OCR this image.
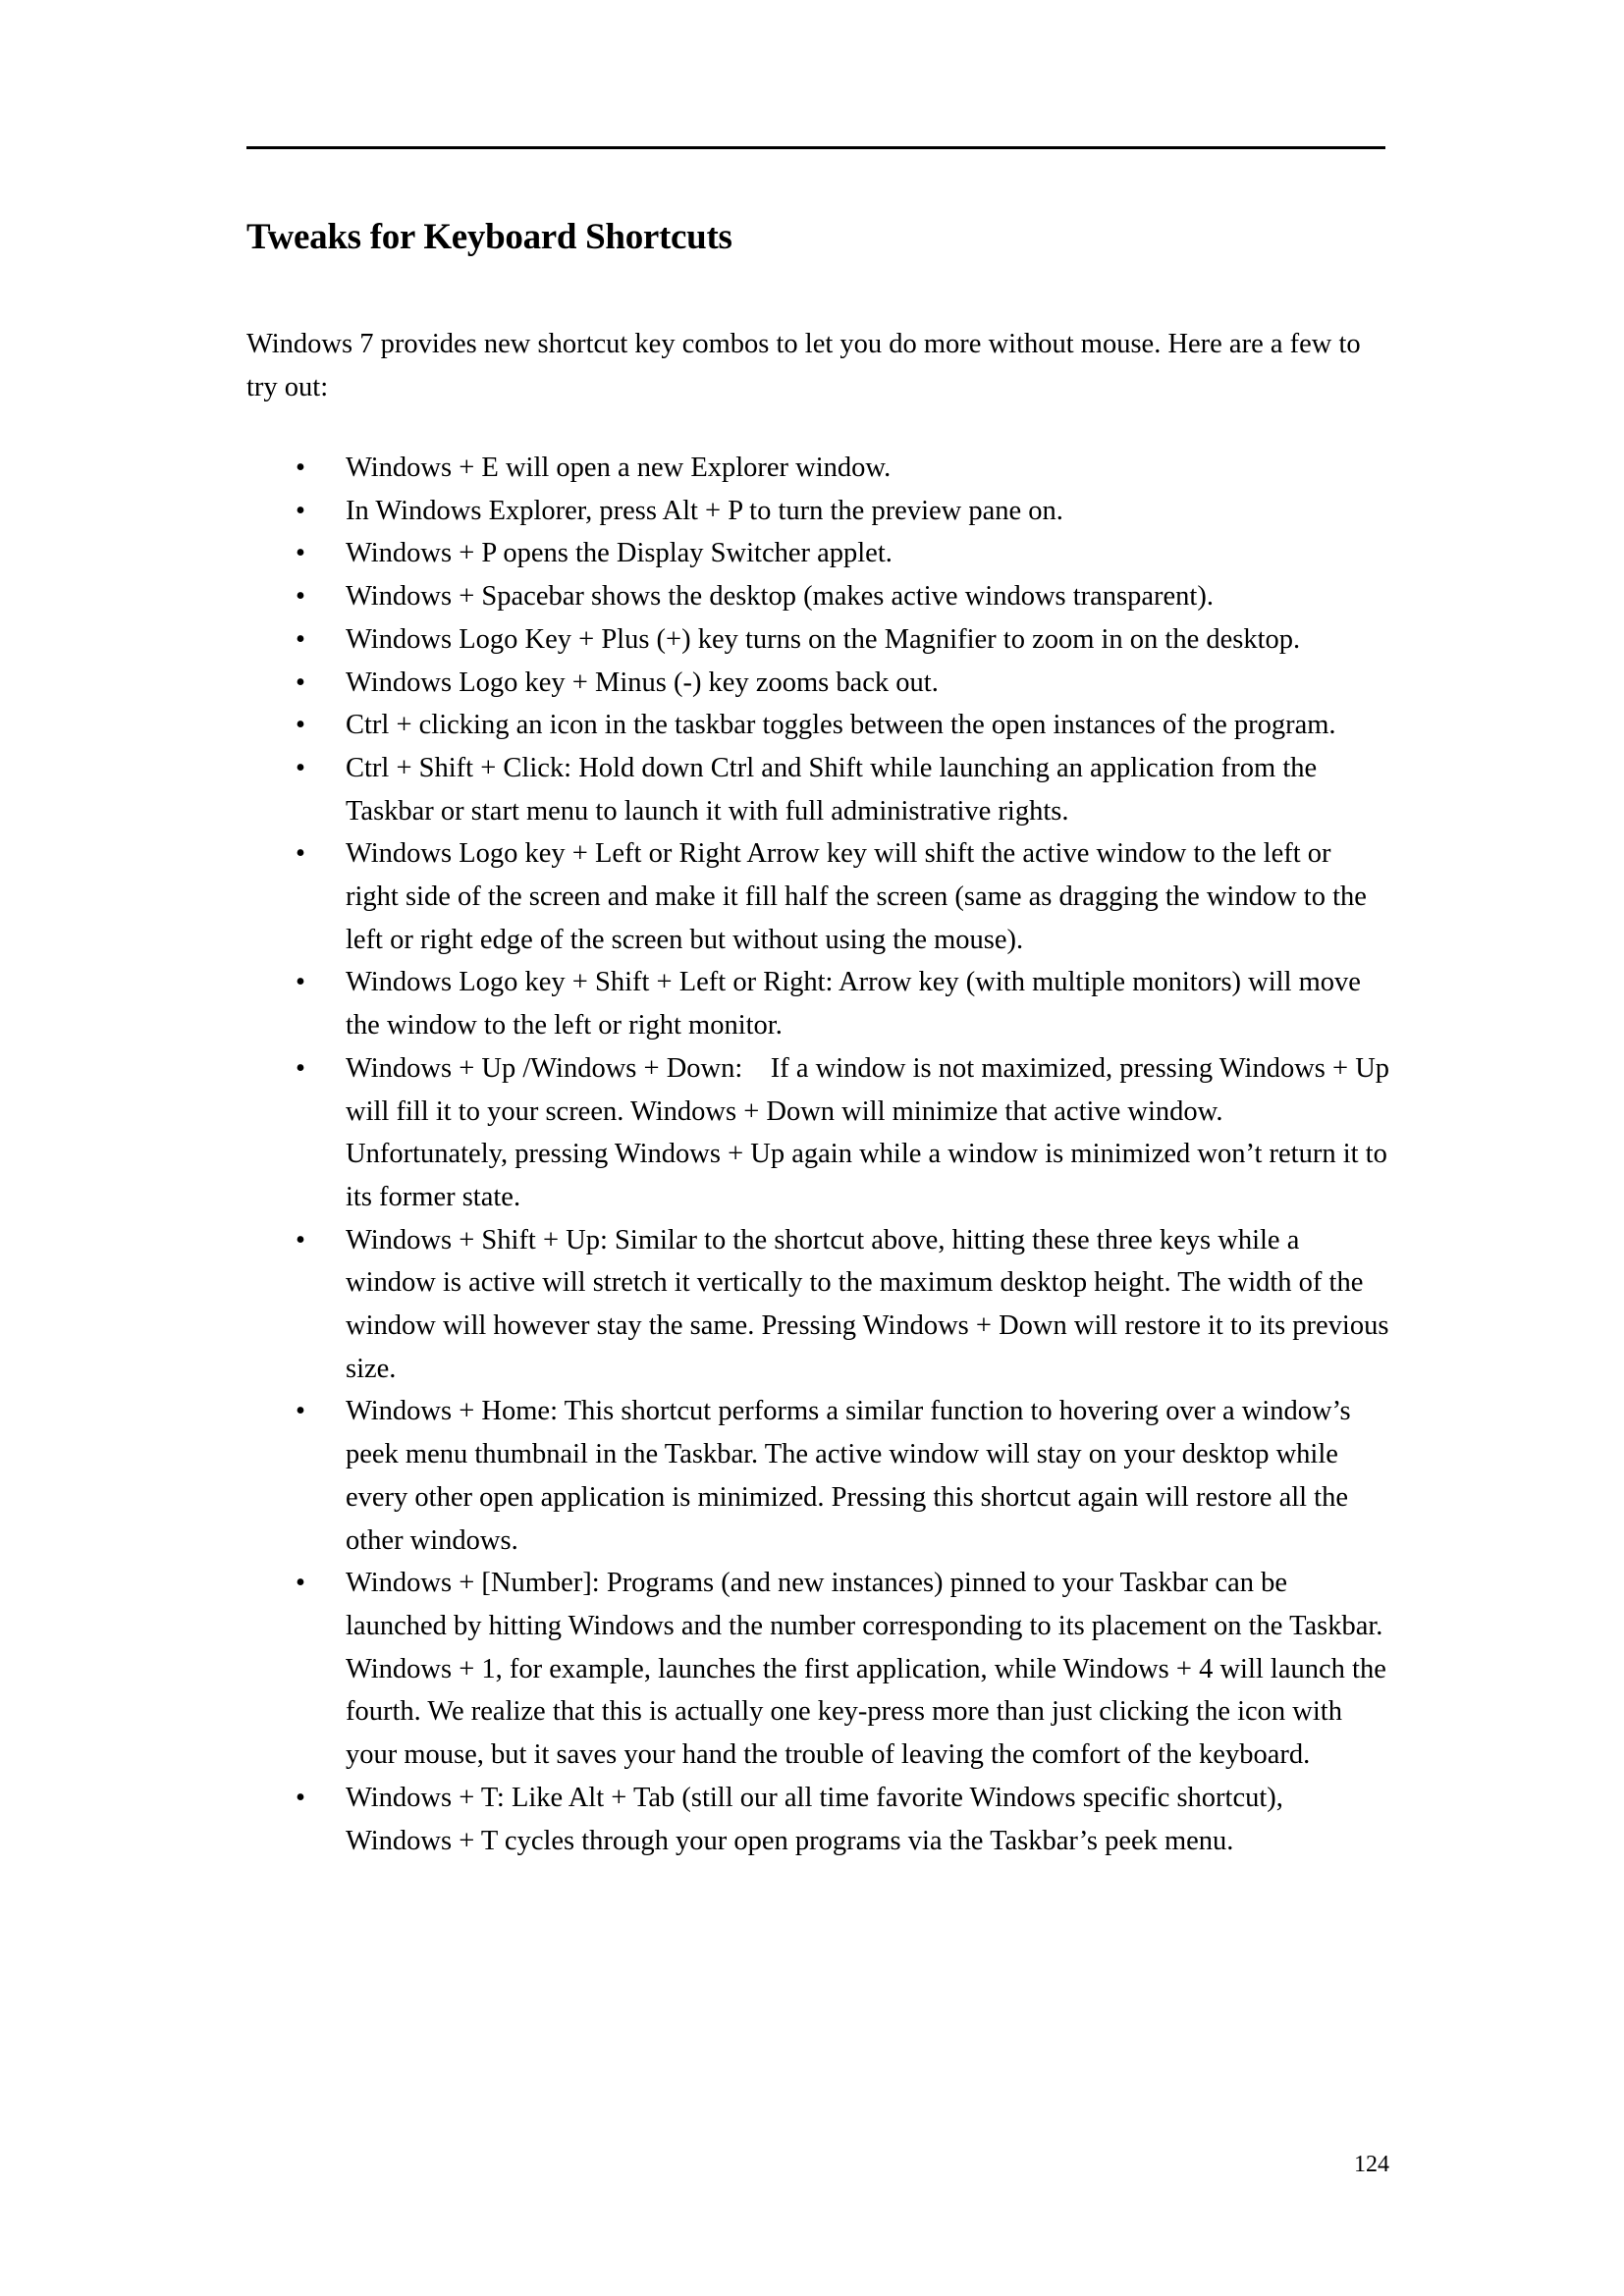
Tweaks for Keyboard Shortcuts

Windows 7 provides new shortcut key combos to let you do more without mouse. Here are a few to try out:

• Windows + E will open a new Explorer window.
• In Windows Explorer, press Alt + P to turn the preview pane on.
• Windows + P opens the Display Switcher applet.
• Windows + Spacebar shows the desktop (makes active windows transparent).
• Windows Logo Key + Plus (+) key turns on the Magnifier to zoom in on the desktop.
• Windows Logo key + Minus (-) key zooms back out.
• Ctrl + clicking an icon in the taskbar toggles between the open instances of the program.
• Ctrl + Shift + Click: Hold down Ctrl and Shift while launching an application from the Taskbar or start menu to launch it with full administrative rights.
• Windows Logo key + Left or Right Arrow key will shift the active window to the left or right side of the screen and make it fill half the screen (same as dragging the window to the left or right edge of the screen but without using the mouse).
• Windows Logo key + Shift + Left or Right: Arrow key (with multiple monitors) will move the window to the left or right monitor.
• Windows + Up /Windows + Down:    If a window is not maximized, pressing Windows + Up will fill it to your screen. Windows + Down will minimize that active window. Unfortunately, pressing Windows + Up again while a window is minimized won’t return it to its former state.
• Windows + Shift + Up: Similar to the shortcut above, hitting these three keys while a window is active will stretch it vertically to the maximum desktop height. The width of the window will however stay the same. Pressing Windows + Down will restore it to its previous size.
• Windows + Home: This shortcut performs a similar function to hovering over a window’s peek menu thumbnail in the Taskbar. The active window will stay on your desktop while every other open application is minimized. Pressing this shortcut again will restore all the other windows.
• Windows + [Number]: Programs (and new instances) pinned to your Taskbar can be launched by hitting Windows and the number corresponding to its placement on the Taskbar. Windows + 1, for example, launches the first application, while Windows + 4 will launch the fourth. We realize that this is actually one key-press more than just clicking the icon with your mouse, but it saves your hand the trouble of leaving the comfort of the keyboard.
• Windows + T: Like Alt + Tab (still our all time favorite Windows specific shortcut), Windows + T cycles through your open programs via the Taskbar’s peek menu.
124
